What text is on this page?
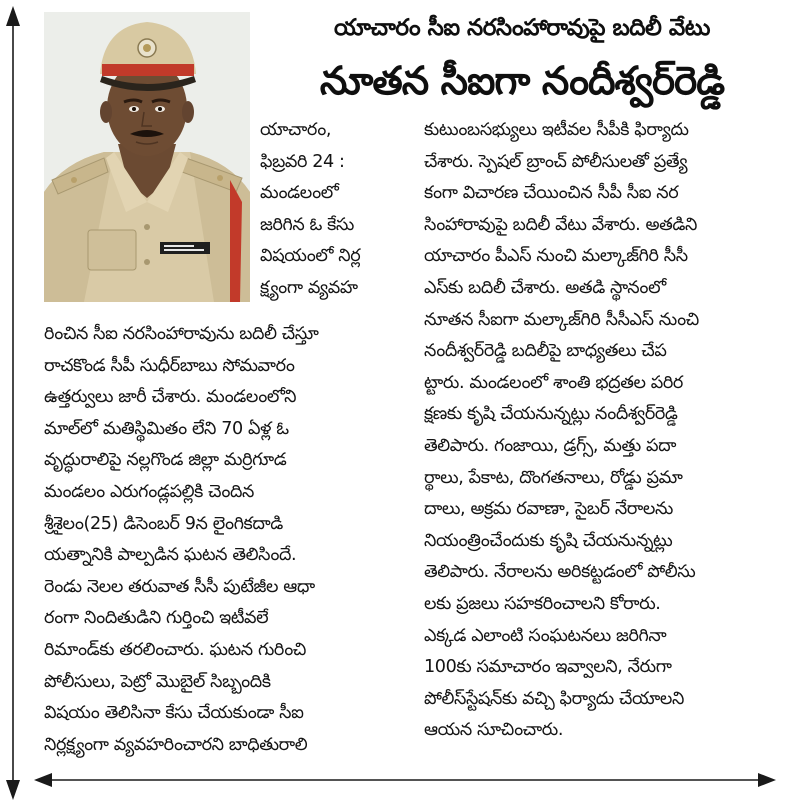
యాచారం సీఐ నరసింహారావుపై బదిలీ వేటు
నూతన సీఐగా నందీశ్వర్‌రెడ్డి
యాచారం,
ఫిబ్రవరి 24 :
మండలంలో
జరిగిన ఓ కేసు
విషయంలో నిర్ల
క్ష్యంగా వ్యవహ
రించిన సీఐ నరసింహారావును బదిలీ చేస్తూ
రాచకొండ సీపీ సుధీర్‌బాబు సోమవారం
ఉత్తర్వులు జారీ చేశారు. మండలంలోని
మాల్‌లో మతిస్థిమితం లేని 70 ఏళ్ల ఓ
వృద్ధురాలిపై నల్లగొండ జిల్లా మర్రిగూడ
మండలం ఎరుగండ్లపల్లికి చెందిన
శ్రీశైలం(25) డిసెంబర్ 9న లైంగికదాడి
యత్నానికి పాల్పడిన ఘటన తెలిసిందే.
రెండు నెలల తరువాత సీసీ పుటేజీల ఆధా
రంగా నిందితుడిని గుర్తించి ఇటీవలే
రిమాండ్‌కు తరలించారు. ఘటన గురించి
పోలీసులు, పెట్రో మొబైల్ సిబ్బందికి
విషయం తెలిసినా కేసు చేయకుండా సీఐ
నిర్లక్ష్యంగా వ్యవహరించారని బాధితురాలి
కుటుంబసభ్యులు ఇటీవల సీపీకి ఫిర్యాదు
చేశారు. స్పెషల్ బ్రాంచ్ పోలీసులతో ప్రత్యే
కంగా విచారణ చేయించిన సీపీ సీఐ నర
సింహారావుపై బదిలీ వేటు వేశారు. అతడిని
యాచారం పీఎస్ నుంచి మల్కాజ్‌గిరి సీసీ
ఎస్‌కు బదిలీ చేశారు. అతడి స్థానంలో
నూతన సీఐగా మల్కాజ్‌గిరి సీసీఎస్ నుంచి
నందీశ్వర్‌రెడ్డి బదిలీపై బాధ్యతలు చేప
ట్టారు. మండలంలో శాంతి భద్రతల పరిర
క్షణకు కృషి చేయనున్నట్లు నందీశ్వర్‌రెడ్డి
తెలిపారు. గంజాయి, డ్రగ్స్, మత్తు పదా
ర్థాలు, పేకాట, దొంగతనాలు, రోడ్డు ప్రమా
దాలు, అక్రమ రవాణా, సైబర్ నేరాలను
నియంత్రించేందుకు కృషి చేయనున్నట్లు
తెలిపారు. నేరాలను అరికట్టడంలో పోలీసు
లకు ప్రజలు సహకరించాలని కోరారు.
ఎక్కడ ఎలాంటి సంఘటనలు జరిగినా
100కు సమాచారం ఇవ్వాలని, నేరుగా
పోలీస్‌స్టేషన్‌కు వచ్చి ఫిర్యాదు చేయాలని
ఆయన సూచించారు.
